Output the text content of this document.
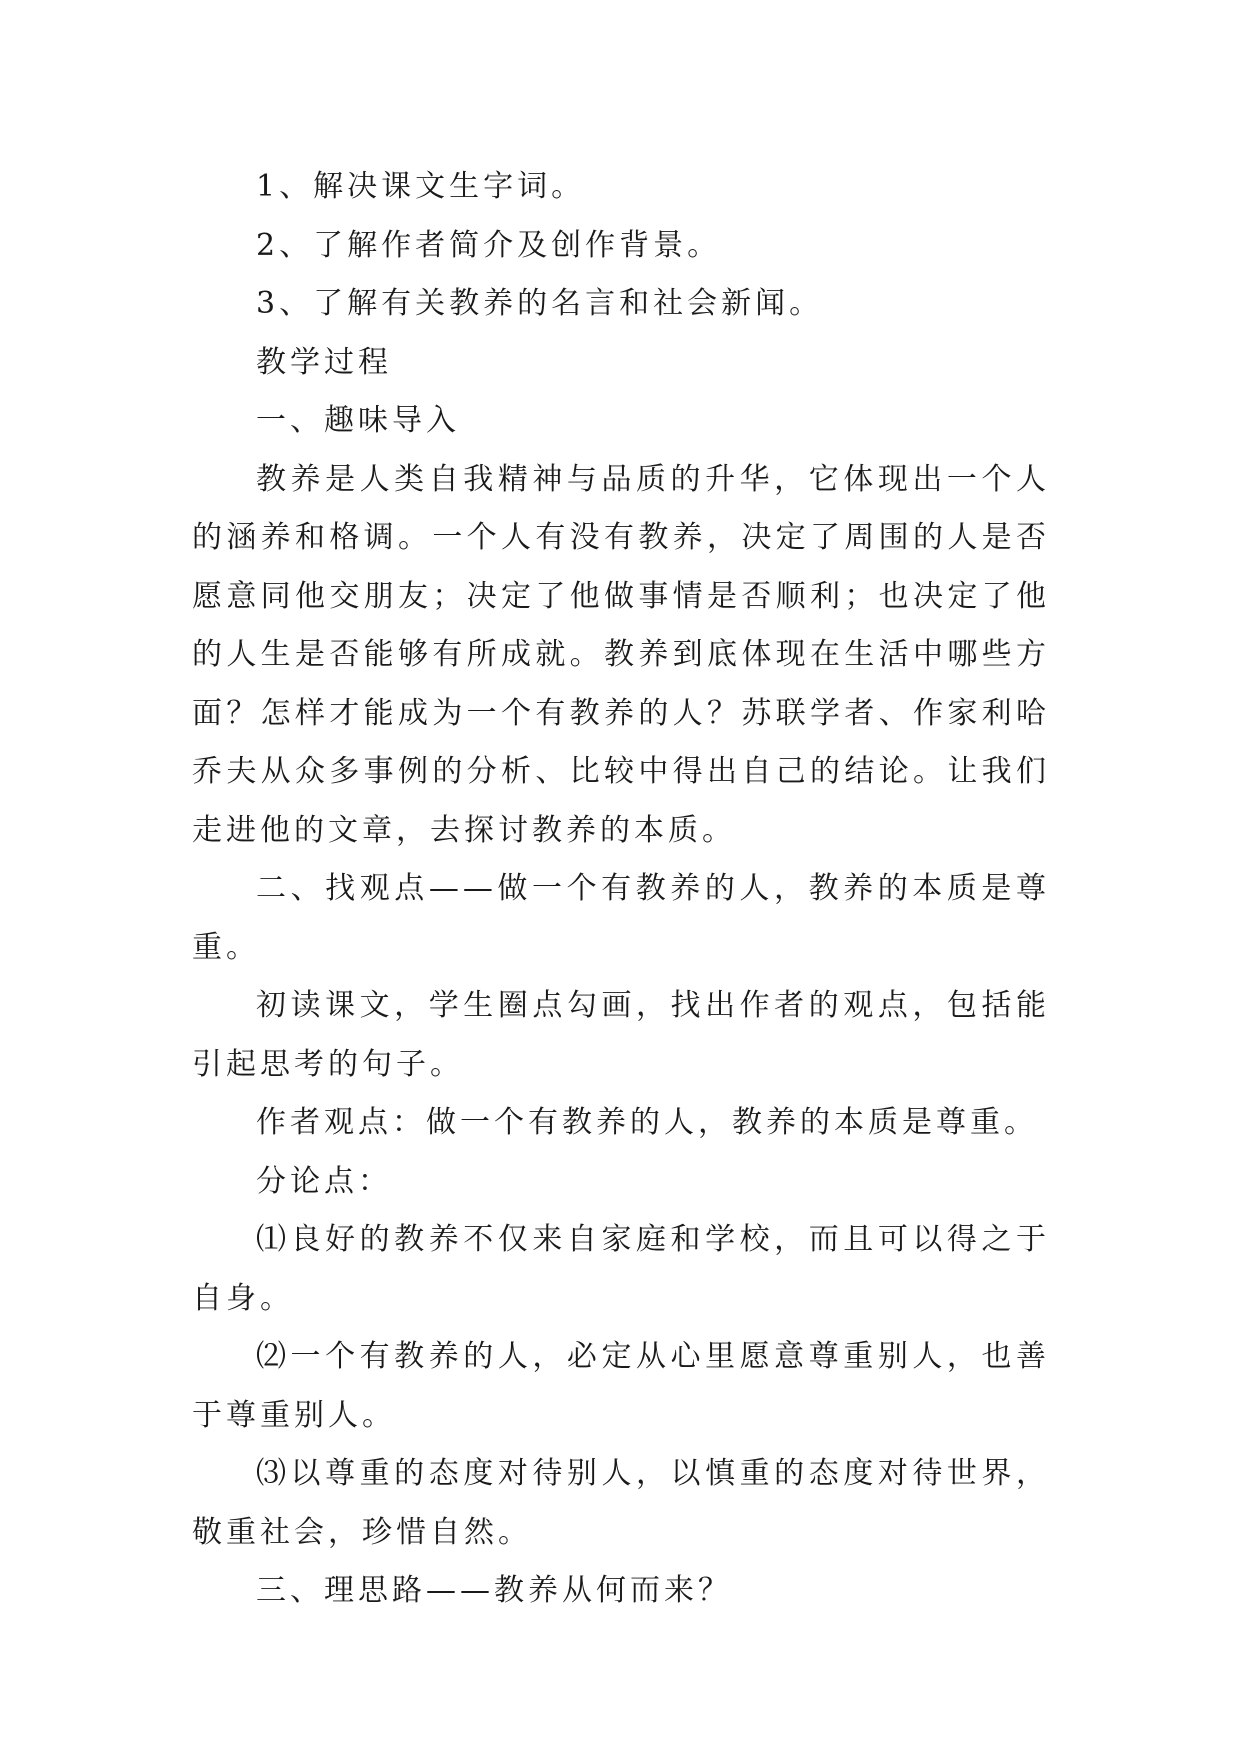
1、解决课文生字词。

2、了解作者简介及创作背景。

3、了解有关教养的名言和社会新闻。

教学过程

一、趣味导入

教养是人类自我精神与品质的升华，它体现出一个人的涵养和格调。一个人有没有教养，决定了周围的人是否愿意同他交朋友；决定了他做事情是否顺利；也决定了他的人生是否能够有所成就。教养到底体现在生活中哪些方面？怎样才能成为一个有教养的人？苏联学者、作家利哈乔夫从众多事例的分析、比较中得出自己的结论。让我们走进他的文章，去探讨教养的本质。

二、找观点——做一个有教养的人，教养的本质是尊重。

初读课文，学生圈点勾画，找出作者的观点，包括能引起思考的句子。

作者观点：做一个有教养的人，教养的本质是尊重。

分论点：

⑴良好的教养不仅来自家庭和学校，而且可以得之于自身。

⑵一个有教养的人，必定从心里愿意尊重别人，也善于尊重别人。

⑶以尊重的态度对待别人，以慎重的态度对待世界，敬重社会，珍惜自然。

三、理思路——教养从何而来？
